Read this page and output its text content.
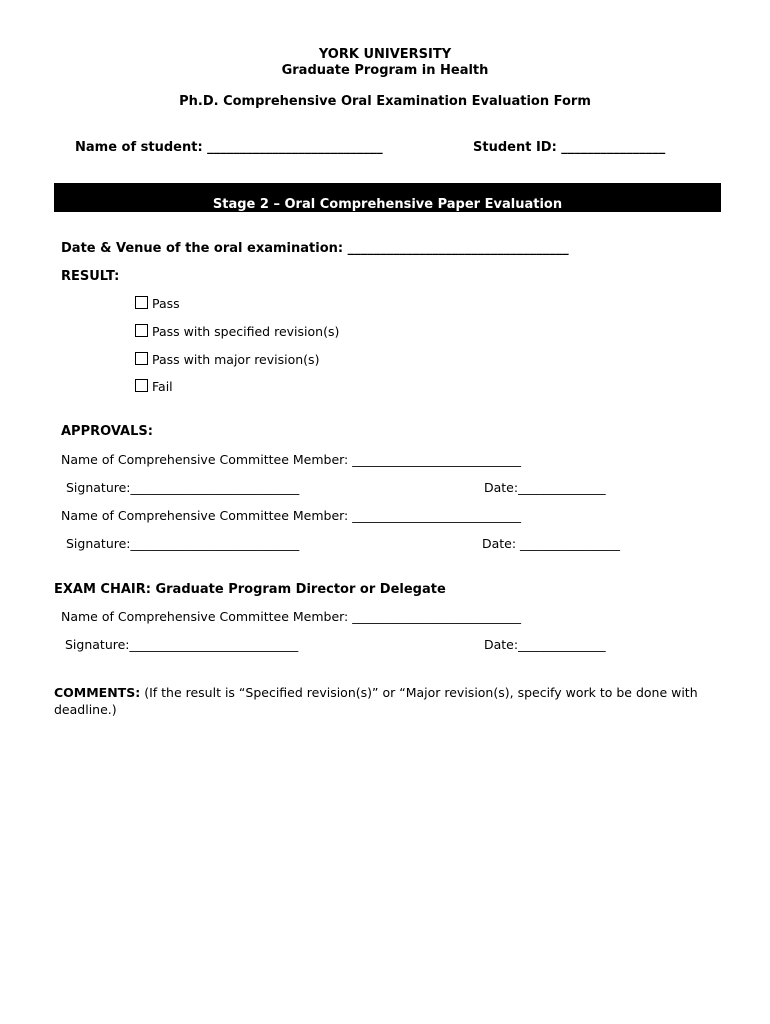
YORK UNIVERSITY
Graduate Program in Health
Ph.D. Comprehensive Oral Examination Evaluation Form
Name of student: ___________________________	Student ID: ________________
Stage 2 – Oral Comprehensive Paper Evaluation
Date & Venue of the oral examination: __________________________________
RESULT:
Pass
Pass with specified revision(s)
Pass with major revision(s)
Fail
APPROVALS:
Name of Comprehensive Committee Member: ___________________________
Signature:___________________________	Date:______________
Name of Comprehensive Committee Member: ___________________________
Signature:___________________________	Date: ________________
EXAM CHAIR: Graduate Program Director or Delegate
Name of Comprehensive Committee Member: ___________________________
Signature:___________________________	Date:______________
COMMENTS: (If the result is “Specified revision(s)” or “Major revision(s), specify work to be done with deadline.)
